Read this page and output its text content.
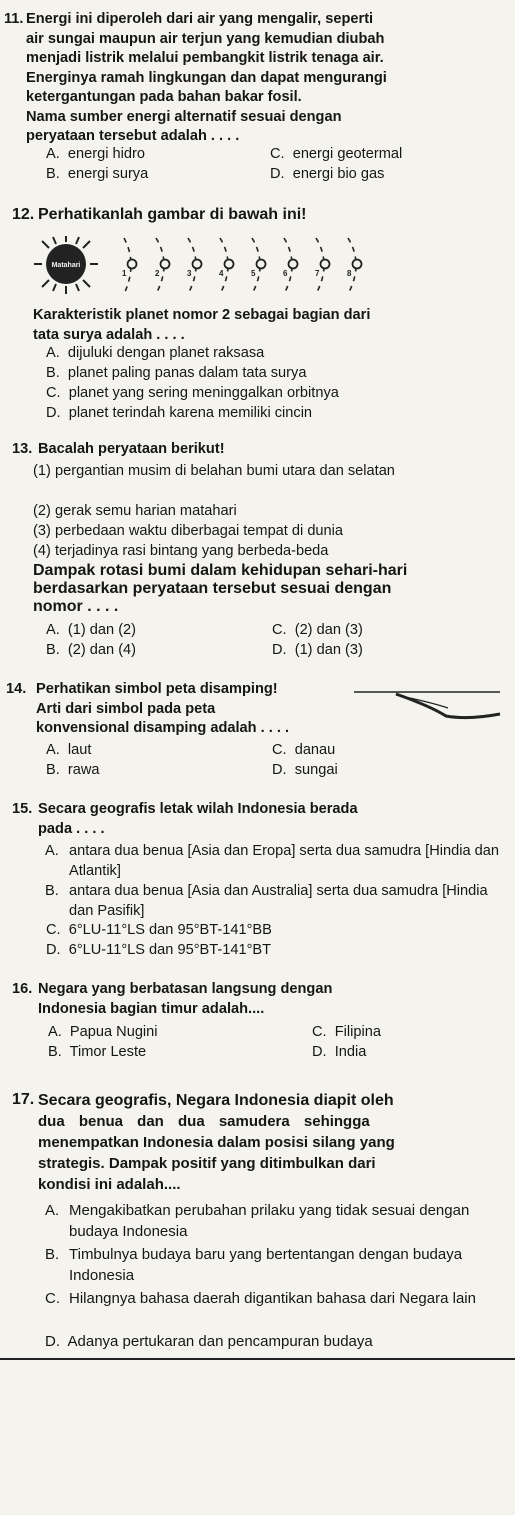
11. Energi ini diperoleh dari air yang mengalir, seperti
air sungai maupun air terjun yang kemudian diubah
menjadi listrik melalui pembangkit listrik tenaga air.
Energinya ramah lingkungan dan dapat mengurangi
ketergantungan pada bahan bakar fosil.
Nama sumber energi alternatif sesuai dengan
peryataan tersebut adalah . . . .
A.  energi hidro	C.  energi geotermal
B.  energi surya	D.  energi bio gas
12. Perhatikanlah gambar di bawah ini!
Matahari
1	2	3	4	5	6	7	8
Karakteristik planet nomor 2 sebagai bagian dari
tata surya adalah . . . .
A.  dijuluki dengan planet raksasa
B.  planet paling panas dalam tata surya
C.  planet yang sering meninggalkan orbitnya
D.  planet terindah karena memiliki cincin
13. Bacalah peryataan berikut!
(1) pergantian musim di belahan bumi utara dan selatan
(2) gerak semu harian matahari
(3) perbedaan waktu diberbagai tempat di dunia
(4) terjadinya rasi bintang yang berbeda-beda
Dampak rotasi bumi dalam kehidupan sehari-hari
berdasarkan peryataan tersebut sesuai dengan
nomor . . . .
A.  (1) dan (2)	C.  (2) dan (3)
B.  (2) dan (4)	D.  (1) dan (3)
14. Perhatikan simbol peta disamping!
Arti dari simbol pada peta
konvensional disamping adalah . . . .
A.  laut	C.  danau
B.  rawa	D.  sungai
15. Secara geografis letak wilah Indonesia berada
pada . . . .
A. antara dua benua [Asia dan Eropa] serta dua samudra [Hindia dan Atlantik]
B. antara dua benua [Asia dan Australia] serta dua samudra [Hindia dan Pasifik]
C.  6°LU-11°LS dan 95°BT-141°BB
D.  6°LU-11°LS dan 95°BT-141°BT
16. Negara yang berbatasan langsung dengan
Indonesia bagian timur adalah....
A.  Papua Nugini	C.  Filipina
B.  Timor Leste	D.  India
17. Secara geografis, Negara Indonesia diapit oleh
dua benua dan dua samudera sehingga
menempatkan Indonesia dalam posisi silang yang
strategis. Dampak positif yang ditimbulkan dari
kondisi ini adalah....
A. Mengakibatkan perubahan prilaku yang tidak sesuai dengan budaya Indonesia
B. Timbulnya budaya baru yang bertentangan dengan budaya Indonesia
C. Hilangnya bahasa daerah digantikan bahasa dari Negara lain
D.  Adanya pertukaran dan pencampuran budaya
